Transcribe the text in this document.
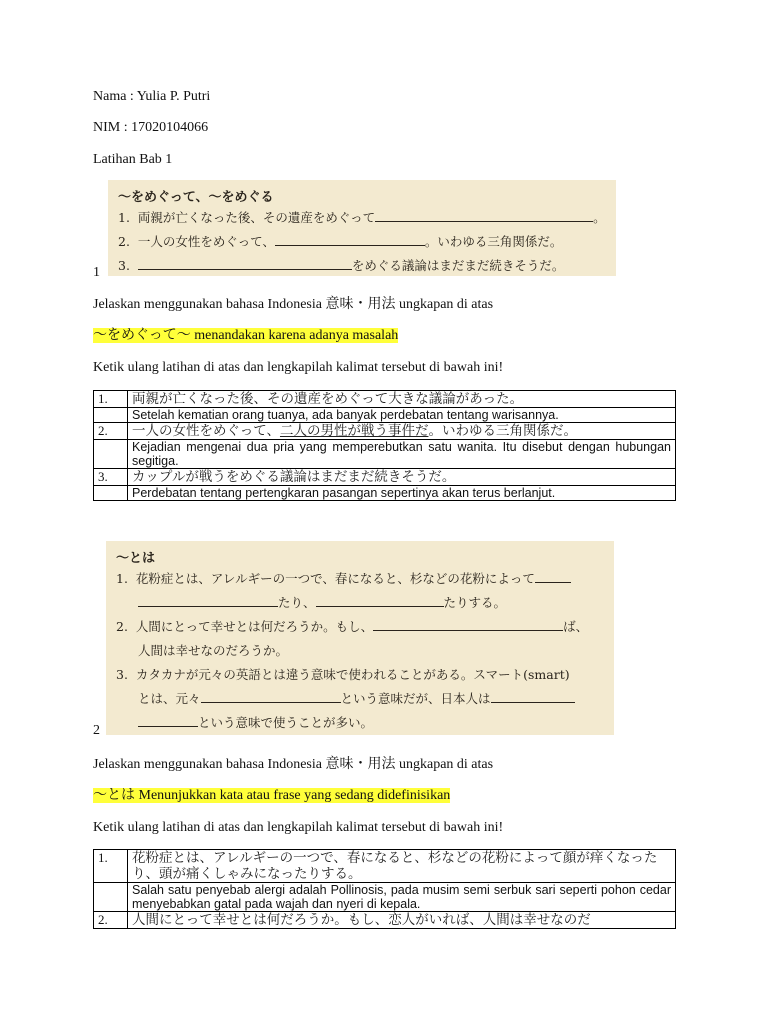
Nama : Yulia P. Putri
NIM : 17020104066
Latihan Bab 1
〜をめぐって、〜をめぐる
1. 両親が亡くなった後、その遺産をめぐって	。
2. 一人の女性をめぐって、	。いわゆる三角関係だ。
3.	をめぐる議論はまだまだ続きそうだ。
1
Jelaskan menggunakan bahasa Indonesia 意味・用法 ungkapan di atas
〜をめぐって〜 menandakan karena adanya masalah
Ketik ulang latihan di atas dan lengkapilah kalimat tersebut di bawah ini!
1.	両親が亡くなった後、その遺産をめぐって大きな議論があった。
	Setelah kematian orang tuanya, ada banyak perdebatan tentang warisannya.
2.	一人の女性をめぐって、二人の男性が戦う事件だ。いわゆる三角関係だ。
	Kejadian mengenai dua pria yang memperebutkan satu wanita. Itu disebut dengan hubungan segitiga.
3.	カップルが戦うをめぐる議論はまだまだ続きそうだ。
	Perdebatan tentang pertengkaran pasangan sepertinya akan terus berlanjut.
〜とは
1. 花粉症とは、アレルギーの一つで、春になると、杉などの花粉によって
たり、	たりする。
2. 人間にとって幸せとは何だろうか。もし、	ば、
人間は幸せなのだろうか。
3. カタカナが元々の英語とは違う意味で使われることがある。スマート(smart)
とは、元々	という意味だが、日本人は
という意味で使うことが多い。
2
Jelaskan menggunakan bahasa Indonesia 意味・用法 ungkapan di atas
〜とは Menunjukkan kata atau frase yang sedang didefinisikan
Ketik ulang latihan di atas dan lengkapilah kalimat tersebut di bawah ini!
1.	花粉症とは、アレルギーの一つで、春になると、杉などの花粉によって顔が痒くなったり、頭が痛くしゃみになったりする。
	Salah satu penyebab alergi adalah Pollinosis, pada musim semi serbuk sari seperti pohon cedar menyebabkan gatal pada wajah dan nyeri di kepala.
2.	人間にとって幸せとは何だろうか。もし、恋人がいれば、人間は幸せなのだ
